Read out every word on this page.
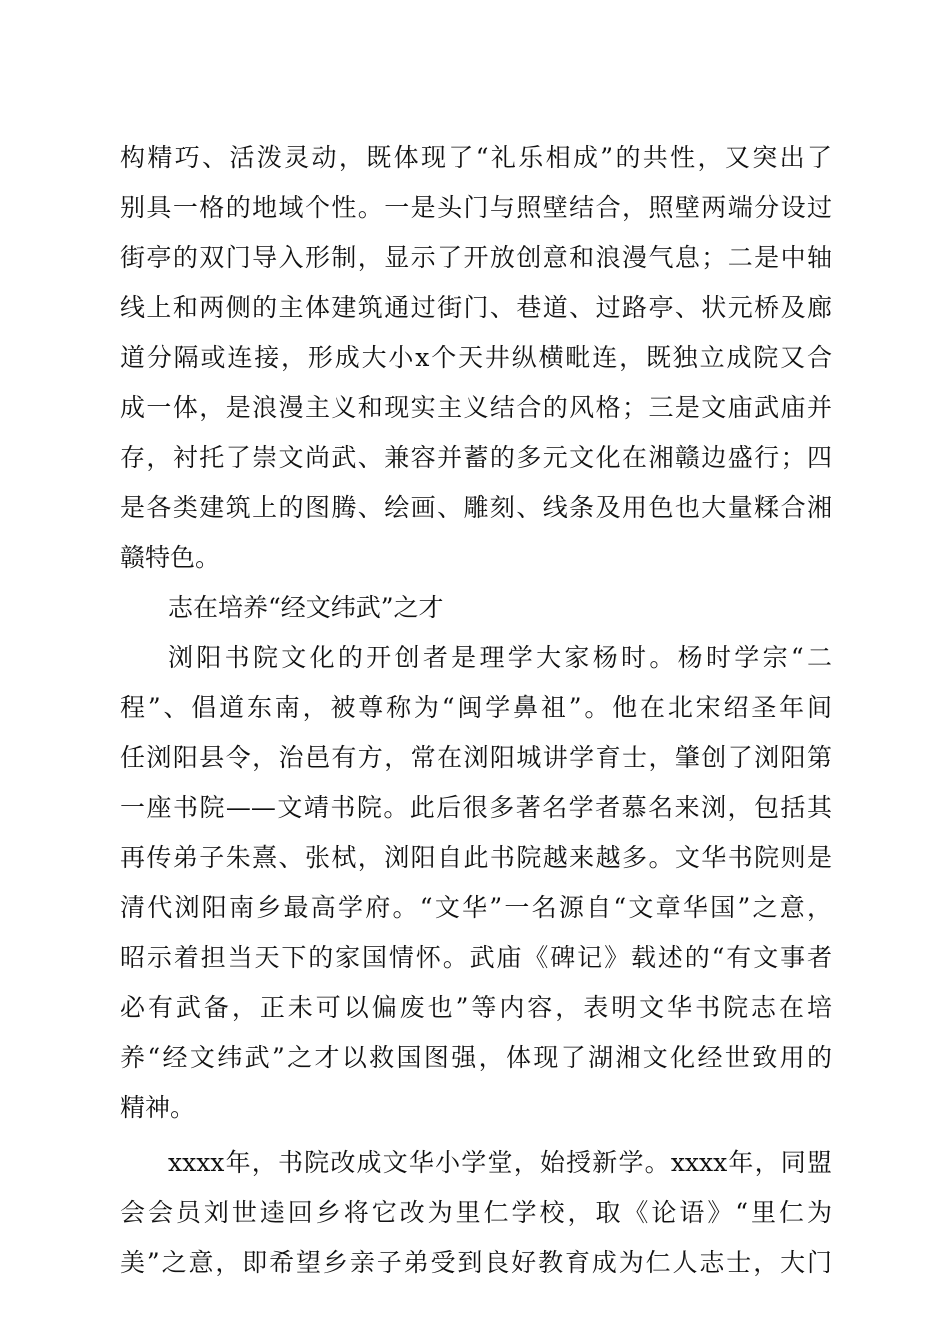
构精巧、活泼灵动，既体现了“礼乐相成”的共性，又突出了
别具一格的地域个性。一是头门与照壁结合，照壁两端分设过
街亭的双门导入形制，显示了开放创意和浪漫气息；二是中轴
线上和两侧的主体建筑通过街门、巷道、过路亭、状元桥及廊
道分隔或连接，形成大小x个天井纵横毗连，既独立成院又合
成一体，是浪漫主义和现实主义结合的风格；三是文庙武庙并
存，衬托了崇文尚武、兼容并蓄的多元文化在湘赣边盛行；四
是各类建筑上的图腾、绘画、雕刻、线条及用色也大量糅合湘
赣特色。
志在培养“经文纬武”之才
浏阳书院文化的开创者是理学大家杨时。杨时学宗“二
程”、倡道东南，被尊称为“闽学鼻祖”。他在北宋绍圣年间
任浏阳县令，治邑有方，常在浏阳城讲学育士，肇创了浏阳第
一座书院——文靖书院。此后很多著名学者慕名来浏，包括其
再传弟子朱熹、张栻，浏阳自此书院越来越多。文华书院则是
清代浏阳南乡最高学府。“文华”一名源自“文章华国”之意，
昭示着担当天下的家国情怀。武庙《碑记》载述的“有文事者
必有武备，正未可以偏废也”等内容，表明文华书院志在培
养“经文纬武”之才以救国图强，体现了湖湘文化经世致用的
精神。
xxxx年，书院改成文华小学堂，始授新学。xxxx年，同盟
会会员刘世逵回乡将它改为里仁学校，取《论语》“里仁为
美”之意，即希望乡亲子弟受到良好教育成为仁人志士，大门
